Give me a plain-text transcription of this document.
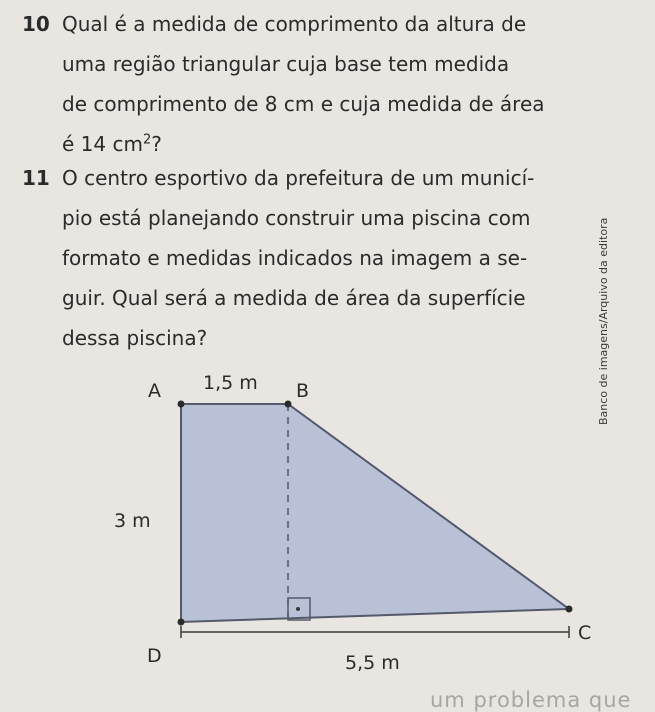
10 Qual é a medida de comprimento da altura de
uma região triangular cuja base tem medida
de comprimento de 8 cm e cuja medida de área
é 14 $cm^2$?
11 O centro esportivo da prefeitura de um municí-
pio está planejando construir uma piscina com
formato e medidas indicados na imagem a se-
guir. Qual será a medida de área da superfície
dessa piscina?
A 1,5 m B
3 m
C
D	5,5 m
Banco de imagens/Arquivo da editora
um problema que
